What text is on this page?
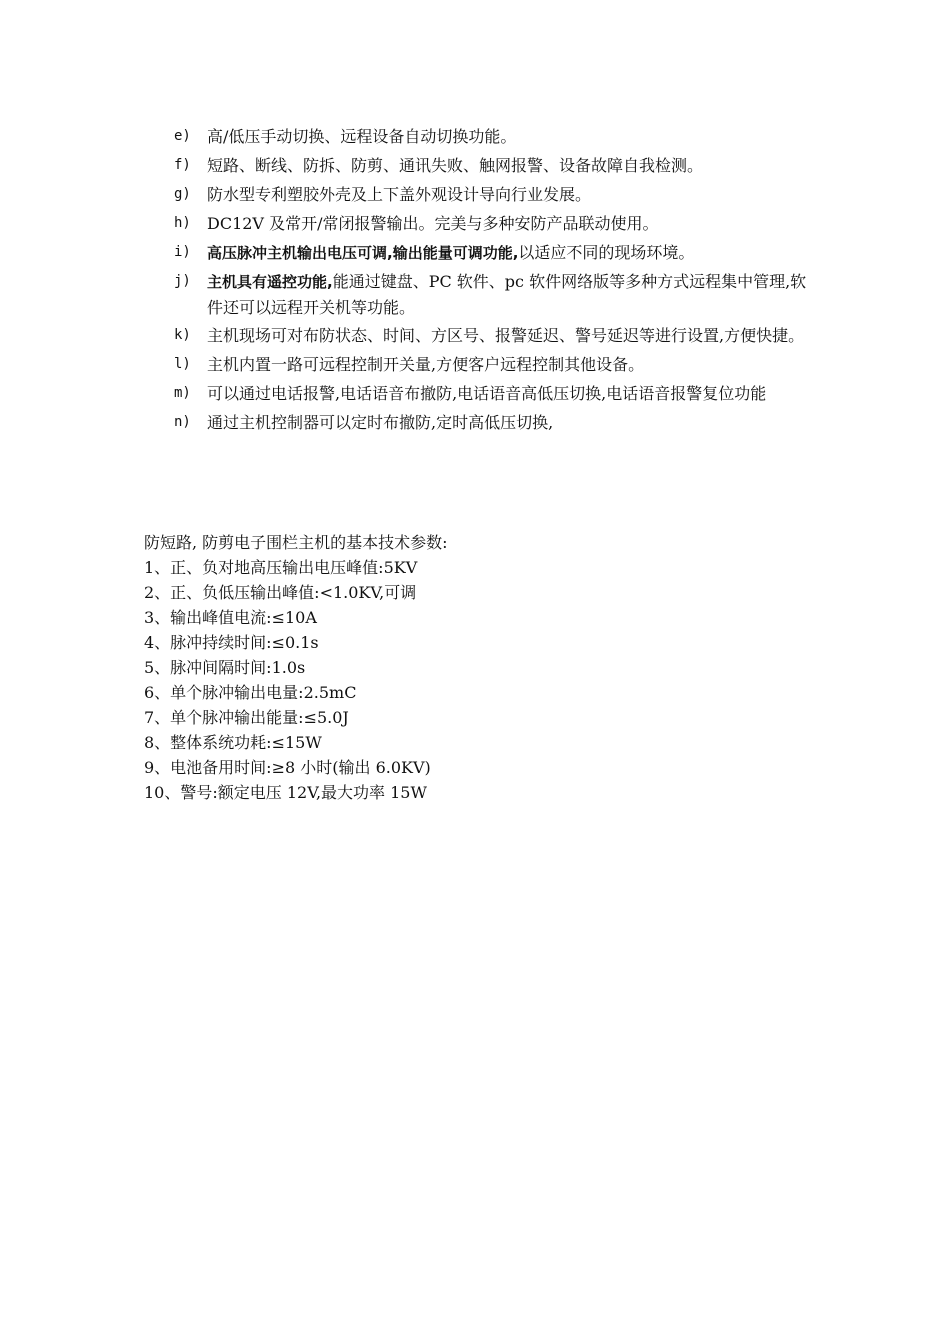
e) 高/低压手动切换、远程设备自动切换功能。
f) 短路、断线、防拆、防剪、通讯失败、触网报警、设备故障自我检测。
g) 防水型专利塑胶外壳及上下盖外观设计导向行业发展。
h) DC12V 及常开/常闭报警输出。完美与多种安防产品联动使用。
i) 高压脉冲主机输出电压可调,输出能量可调功能,以适应不同的现场环境。
j) 主机具有遥控功能,能通过键盘、PC 软件、pc 软件网络版等多种方式远程集中管理,软件还可以远程开关机等功能。
k) 主机现场可对布防状态、时间、方区号、报警延迟、警号延迟等进行设置,方便快捷。
l) 主机内置一路可远程控制开关量,方便客户远程控制其他设备。
m) 可以通过电话报警,电话语音布撤防,电话语音高低压切换,电话语音报警复位功能
n) 通过主机控制器可以定时布撤防,定时高低压切换,
防短路, 防剪电子围栏主机的基本技术参数:
1、正、负对地高压输出电压峰值:5KV
2、正、负低压输出峰值:<1.0KV,可调
3、输出峰值电流:≤10A
4、脉冲持续时间:≤0.1s
5、脉冲间隔时间:1.0s
6、单个脉冲输出电量:2.5mC
7、单个脉冲输出能量:≤5.0J
8、整体系统功耗:≤15W
9、电池备用时间:≥8 小时(输出 6.0KV)
10、警号:额定电压 12V,最大功率 15W
